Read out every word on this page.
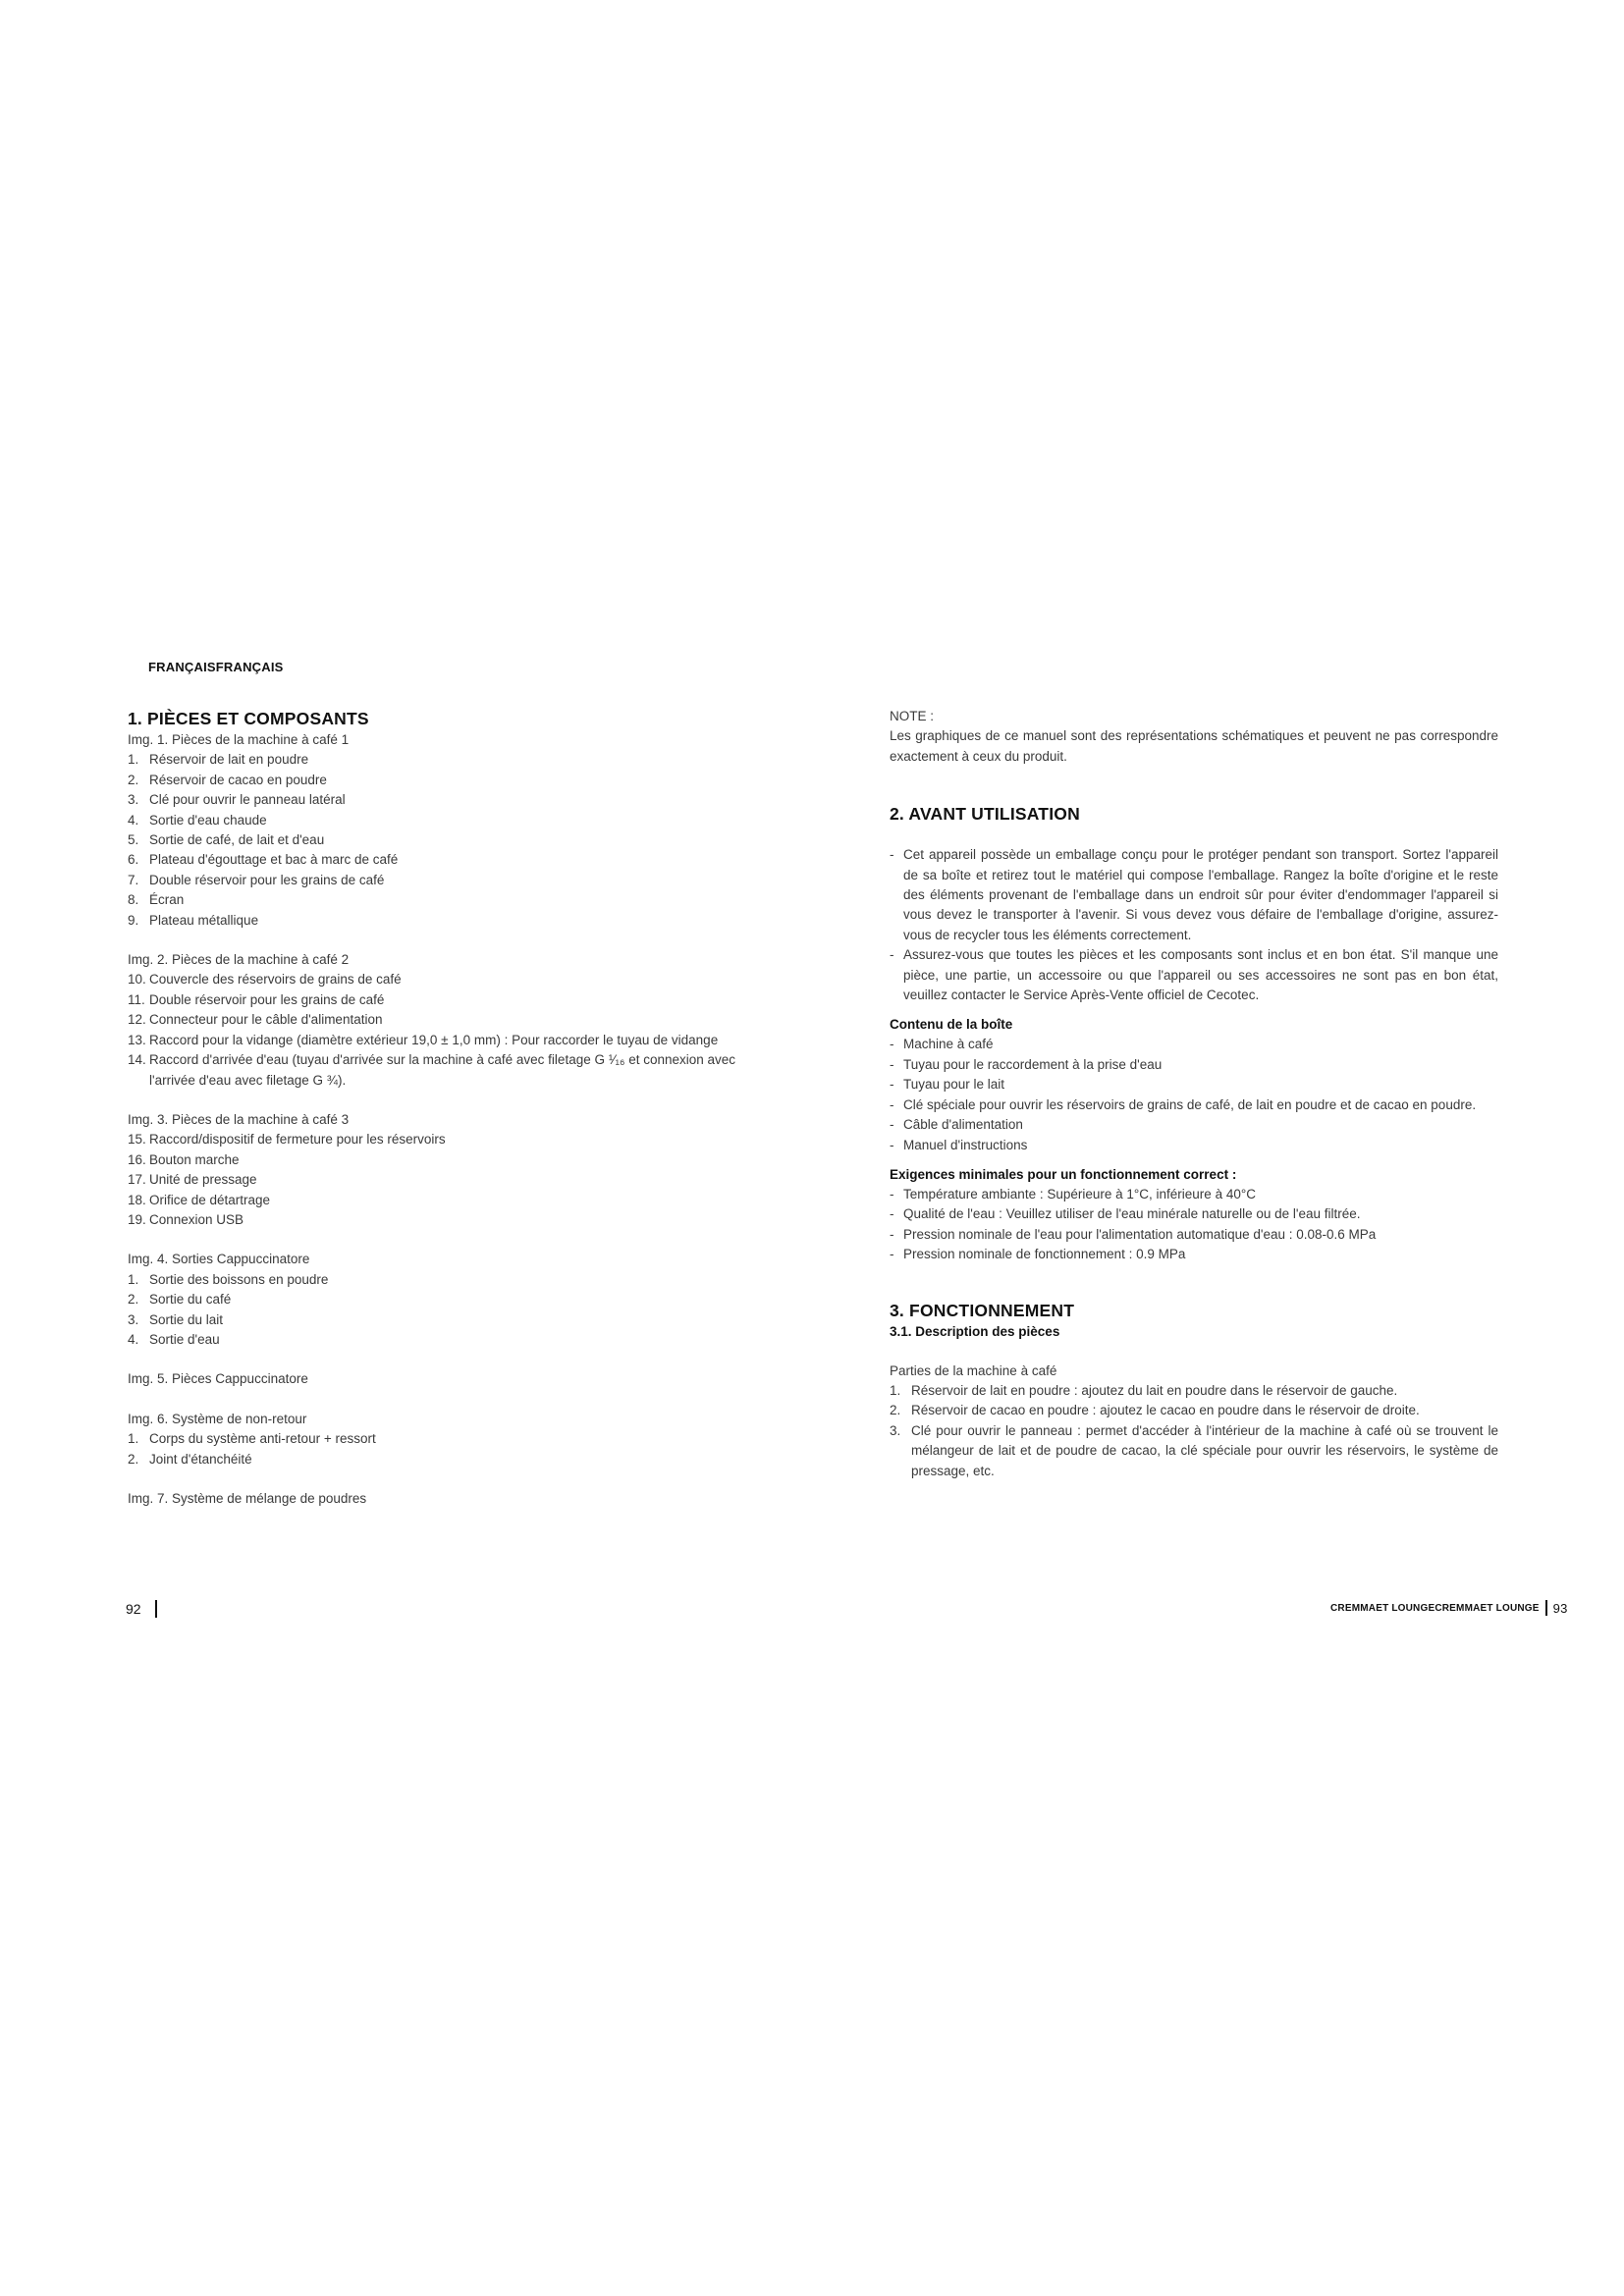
FRANÇAISFRANÇAIS
1. PIÈCES ET COMPOSANTS

Img. 1. Pièces de la machine à café 1

1. Réservoir de lait en poudre
2. Réservoir de cacao en poudre
3. Clé pour ouvrir le panneau latéral
4. Sortie d'eau chaude
5. Sortie de café, de lait et d'eau
6. Plateau d'égouttage et bac à marc de café
7. Double réservoir pour les grains de café
8. Écran
9. Plateau métallique

Img. 2. Pièces de la machine à café 2

10. Couvercle des réservoirs de grains de café
11. Double réservoir pour les grains de café
12. Connecteur pour le câble d'alimentation
13. Raccord pour la vidange (diamètre extérieur 19,0 ± 1,0 mm) : Pour raccorder le tuyau de vidange
14. Raccord d'arrivée d'eau (tuyau d'arrivée sur la machine à café avec filetage G ¹⁄₁₆ et connexion avec l'arrivée d'eau avec filetage G ¾).

Img. 3. Pièces de la machine à café 3

15. Raccord/dispositif de fermeture pour les réservoirs
16. Bouton marche
17. Unité de pressage
18. Orifice de détartrage
19. Connexion USB

Img. 4. Sorties Cappuccinatore

1. Sortie des boissons en poudre
2. Sortie du café
3. Sortie du lait
4. Sortie d'eau

Img. 5. Pièces Cappuccinatore

Img. 6. Système de non-retour

1. Corps du système anti-retour + ressort
2. Joint d'étanchéité

Img. 7. Système de mélange de poudres

NOTE :

Les graphiques de ce manuel sont des représentations schématiques et peuvent ne pas correspondre exactement à ceux du produit.

2. AVANT UTILISATION
- Cet appareil possède un emballage conçu pour le protéger pendant son transport. Sortez l'appareil de sa boîte et retirez tout le matériel qui compose l'emballage. Rangez la boîte d'origine et le reste des éléments provenant de l'emballage dans un endroit sûr pour éviter d'endommager l'appareil si vous devez le transporter à l'avenir. Si vous devez vous défaire de l'emballage d'origine, assurez-vous de recycler tous les éléments correctement.
- Assurez-vous que toutes les pièces et les composants sont inclus et en bon état. S'il manque une pièce, une partie, un accessoire ou que l'appareil ou ses accessoires ne sont pas en bon état, veuillez contacter le Service Après-Vente officiel de Cecotec.
Contenu de la boîte
- Machine à café
- Tuyau pour le raccordement à la prise d'eau
- Tuyau pour le lait
- Clé spéciale pour ouvrir les réservoirs de grains de café, de lait en poudre et de cacao en poudre.
- Câble d'alimentation
- Manuel d'instructions
Exigences minimales pour un fonctionnement correct :
- Température ambiante : Supérieure à 1°C, inférieure à 40°C
- Qualité de l'eau : Veuillez utiliser de l'eau minérale naturelle ou de l'eau filtrée.
- Pression nominale de l'eau pour l'alimentation automatique d'eau : 0.08-0.6 MPa
- Pression nominale de fonctionnement : 0.9 MPa
3. FONCTIONNEMENT
3.1. Description des pièces

Parties de la machine à café

1. Réservoir de lait en poudre : ajoutez du lait en poudre dans le réservoir de gauche.
2. Réservoir de cacao en poudre : ajoutez le cacao en poudre dans le réservoir de droite.
3. Clé pour ouvrir le panneau : permet d'accéder à l'intérieur de la machine à café où se trouvent le mélangeur de lait et de poudre de cacao, la clé spéciale pour ouvrir les réservoirs, le système de pressage, etc.
92	CREMMAET LOUNGECREMMAET LOUNGE 93
